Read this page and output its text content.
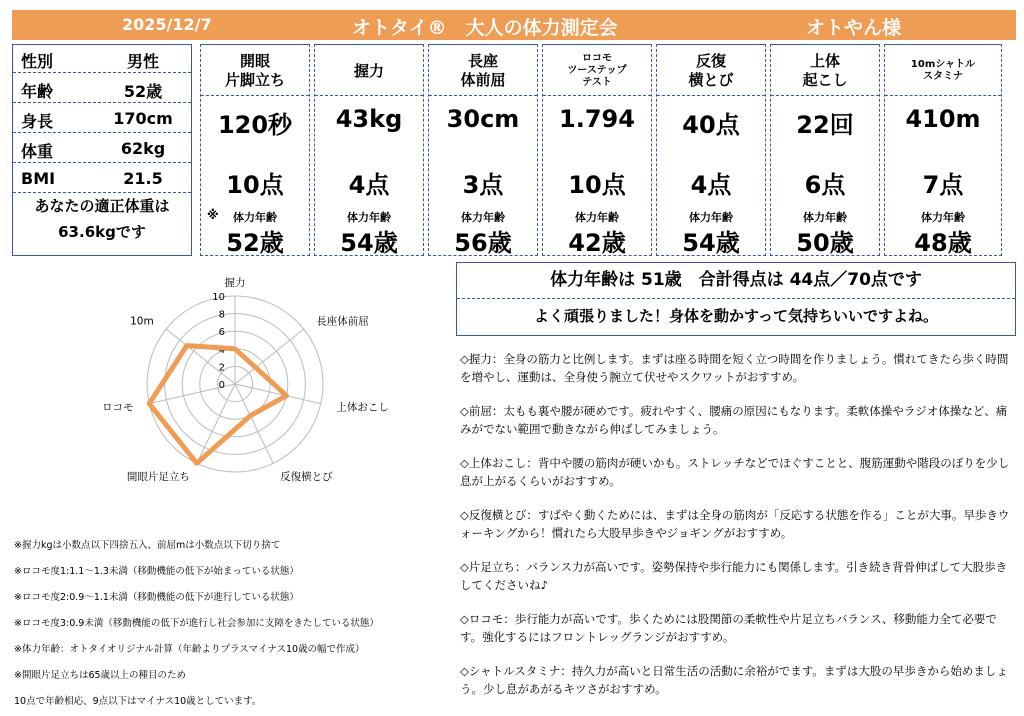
2025/12/7	オトタイ®　大人の体力測定会	オトやん様
性別	男性
年齢	52歳
身長	170cm
体重	62kg
BMI	21.5
あなたの適正体重は
63.6kgです
開眼
片脚立ち
120秒
10点
※	体力年齢
52歳
握力
43kg
4点
体力年齢
54歳
長座
体前屈
30cm
3点
体力年齢
56歳
ロコモ
ツーステップ
テスト
1.794
10点
体力年齢
42歳
反復
横とび
40点
4点
体力年齢
54歳
上体
起こし
22回
6点
体力年齢
50歳
10mシャトル
スタミナ
410m
7点
体力年齢
48歳
体力年齢は 51歳　合計得点は 44点／70点です
よく頑張りました！身体を動かすって気持ちいいですよね。
握力
長座体前屈
上体おこし
反復横とび
開眼片足立ち
ロコモ
10m
0
2
4
6
8
10
※握力kgは小数点以下四捨五入、前屈mは小数点以下切り捨て
※ロコモ度1:1.1～1.3未満（移動機能の低下が始まっている状態）
※ロコモ度2:0.9～1.1未満（移動機能の低下が進行している状態）
※ロコモ度3:0.9未満（移動機能の低下が進行し社会参加に支障をきたしている状態）
※体力年齢：オトタイオリジナル計算（年齢よりプラスマイナス10歳の幅で作成）
※開眼片足立ちは65歳以上の種目のため
10点で年齢相応、9点以下はマイナス10歳としています。
◇握力：全身の筋力と比例します。まずは座る時間を短く立つ時間を作りましょう。慣れてきたら歩く時間を増やし、運動は、全身使う腕立て伏せやスクワットがおすすめ。
◇前屈：太もも裏や腰が硬めです。疲れやすく、腰痛の原因にもなります。柔軟体操やラジオ体操など、痛みがでない範囲で動きながら伸ばしてみましょう。
◇上体おこし：背中や腰の筋肉が硬いかも。ストレッチなどでほぐすことと、腹筋運動や階段のぼりを少し息が上がるくらいがおすすめ。
◇反復横とび：すばやく動くためには、まずは全身の筋肉が「反応する状態を作る」ことが大事。早歩きウォーキングから！慣れたら大股早歩きやジョギングがおすすめ。
◇片足立ち：バランス力が高いです。姿勢保持や歩行能力にも関係します。引き続き背骨伸ばして大股歩きしてくださいね♪
◇ロコモ：歩行能力が高いです。歩くためには股関節の柔軟性や片足立ちバランス、移動能力全て必要です。強化するにはフロントレッグランジがおすすめ。
◇シャトルスタミナ：持久力が高いと日常生活の活動に余裕がでます。まずは大股の早歩きから始めましょう。少し息があがるキツさがおすすめ。
